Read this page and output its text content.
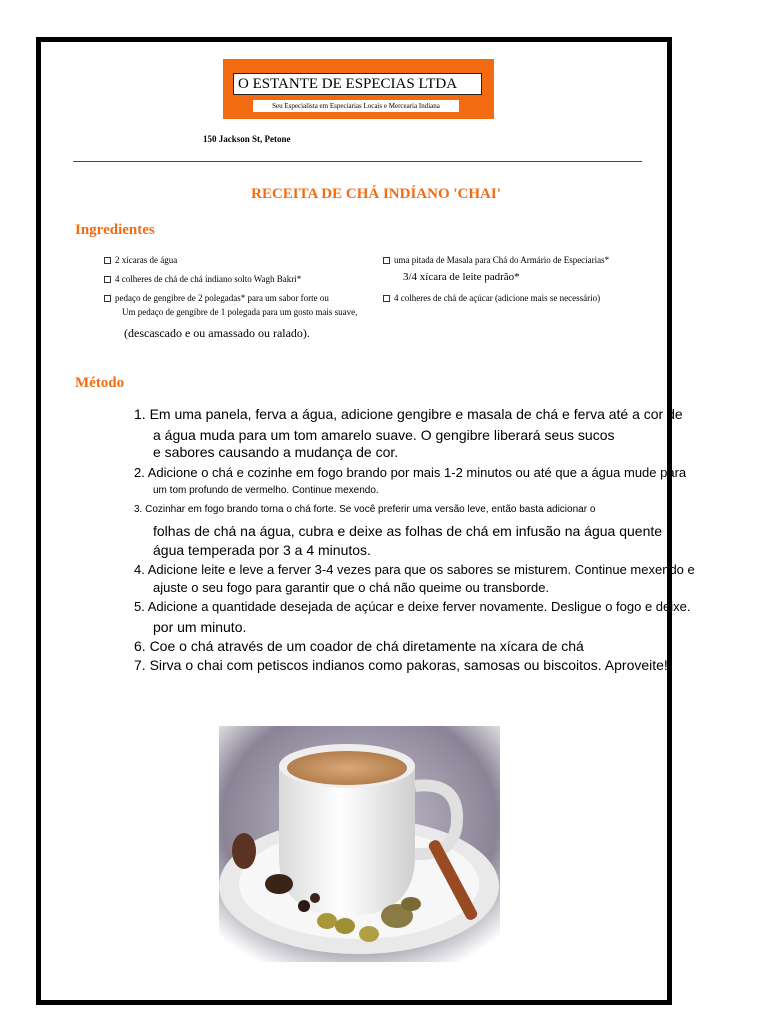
O ESTANTE DE ESPECIAS LTDA
Seu Especialista em Especiarias Locais e Mercearia Indiana
150 Jackson St, Petone
RECEITA DE CHÁ INDÍANO 'CHAI'
Ingredientes
2 xícaras de água
4 colheres de chá de chá indiano solto Wagh Bakri*
pedaço de gengibre de 2 polegadas* para um sabor forte ou
Um pedaço de gengibre de 1 polegada para um gosto mais suave,
(descascado e ou amassado ou ralado).
uma pitada de Masala para Chá do Armário de Especiarias*
3/4 xícara de leite padrão*
4 colheres de chá de açúcar (adicione mais se necessário)
Método
1. Em uma panela, ferva a água, adicione gengibre e masala de chá e ferva até a cor de
a água muda para um tom amarelo suave. O gengibre liberará seus sucos
e sabores causando a mudança de cor.
2. Adicione o chá e cozinhe em fogo brando por mais 1-2 minutos ou até que a água mude para
um tom profundo de vermelho. Continue mexendo.
3. Cozinhar em fogo brando torna o chá forte. Se você preferir uma versão leve, então basta adicionar o
folhas de chá na água, cubra e deixe as folhas de chá em infusão na água quente
água temperada por 3 a 4 minutos.
4. Adicione leite e leve a ferver 3-4 vezes para que os sabores se misturem. Continue mexendo e
ajuste o seu fogo para garantir que o chá não queime ou transborde.
5. Adicione a quantidade desejada de açúcar e deixe ferver novamente. Desligue o fogo e deixe.
por um minuto.
6. Coe o chá através de um coador de chá diretamente na xícara de chá
7. Sirva o chai com petiscos indianos como pakoras, samosas ou biscoitos. Aproveite!
